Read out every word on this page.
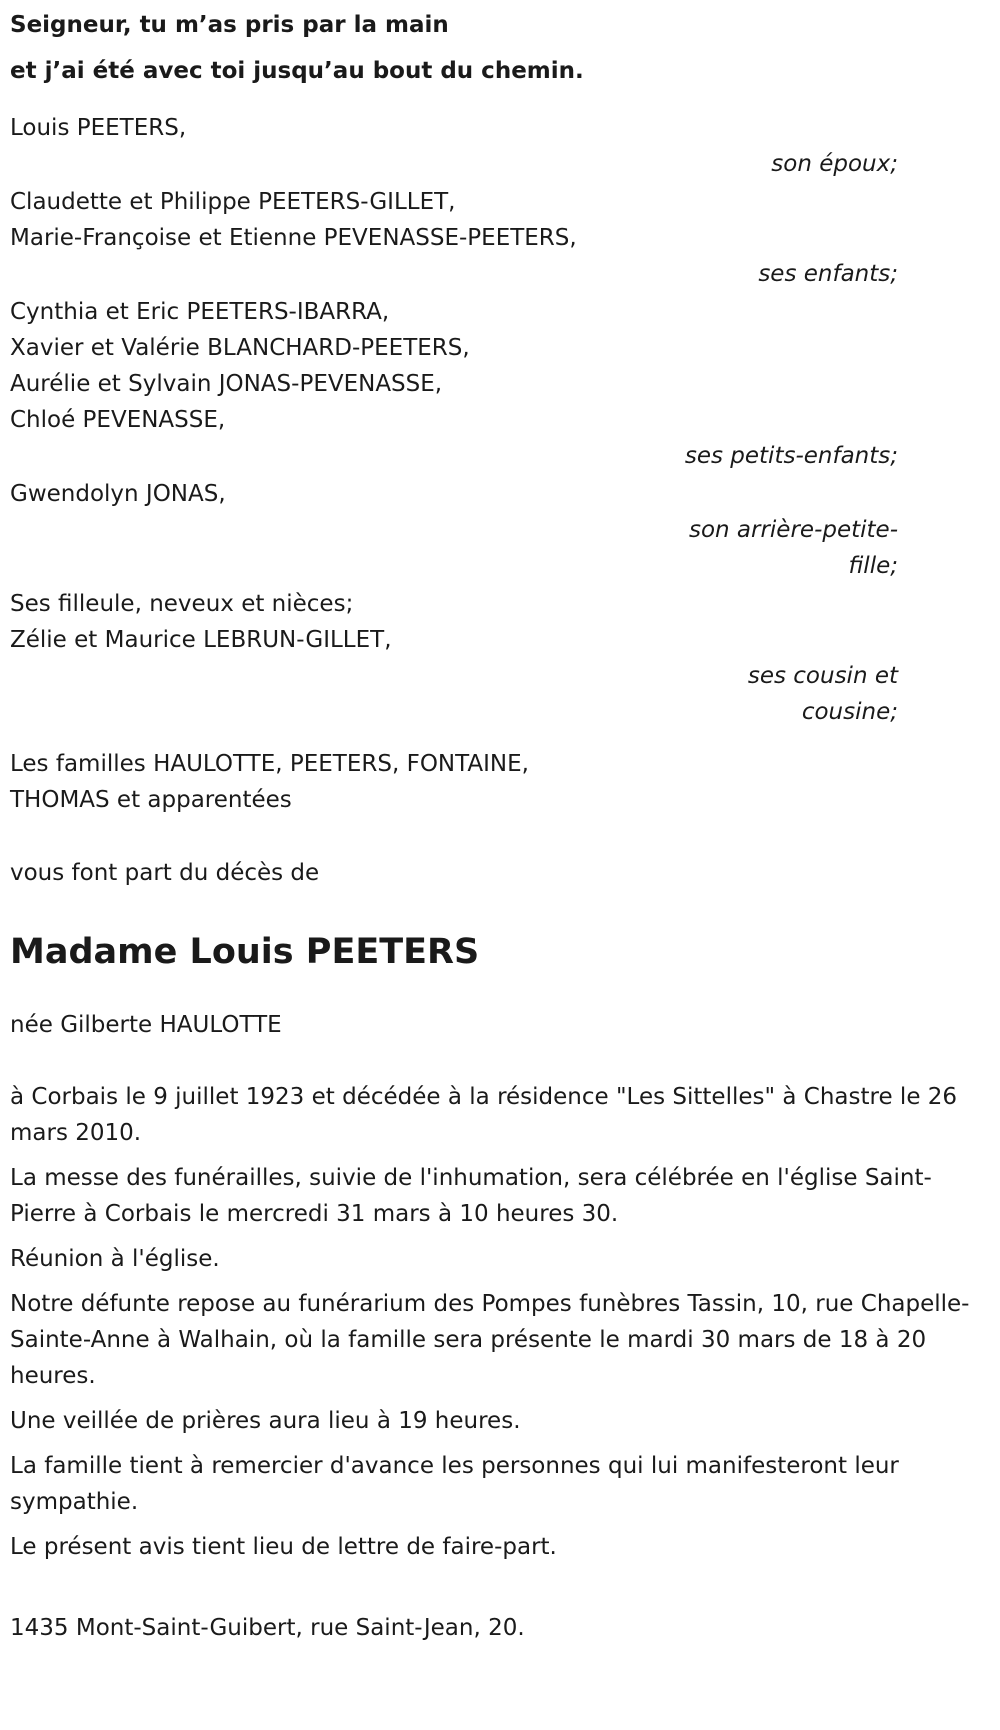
Seigneur, tu m’as pris par la main
et j’ai été avec toi jusqu’au bout du chemin.
Louis PEETERS,
son époux;
Claudette et Philippe PEETERS-GILLET,
Marie-Françoise et Etienne PEVENASSE-PEETERS,
ses enfants;
Cynthia et Eric PEETERS-IBARRA,
Xavier et Valérie BLANCHARD-PEETERS,
Aurélie et Sylvain JONAS-PEVENASSE,
Chloé PEVENASSE,
ses petits-enfants;
Gwendolyn JONAS,
son arrière-petite-
fille;
Ses filleule, neveux et nièces;
Zélie et Maurice LEBRUN-GILLET,
ses cousin et
cousine;
Les familles HAULOTTE, PEETERS, FONTAINE,
THOMAS et apparentées
vous font part du décès de
Madame Louis PEETERS
née Gilberte HAULOTTE

à Corbais le 9 juillet 1923 et décédée à la résidence "Les Sittelles" à Chastre le 26 mars 2010.

La messe des funérailles, suivie de l'inhumation, sera célébrée en l'église Saint-Pierre à Corbais le mercredi 31 mars à 10 heures 30.

Réunion à l'église.

Notre défunte repose au funérarium des Pompes funèbres Tassin, 10, rue Chapelle-Sainte-Anne à Walhain, où la famille sera présente le mardi 30 mars de 18 à 20 heures.

Une veillée de prières aura lieu à 19 heures.

La famille tient à remercier d'avance les personnes qui lui manifesteront leur sympathie.

Le présent avis tient lieu de lettre de faire-part.

1435 Mont-Saint-Guibert, rue Saint-Jean, 20.
